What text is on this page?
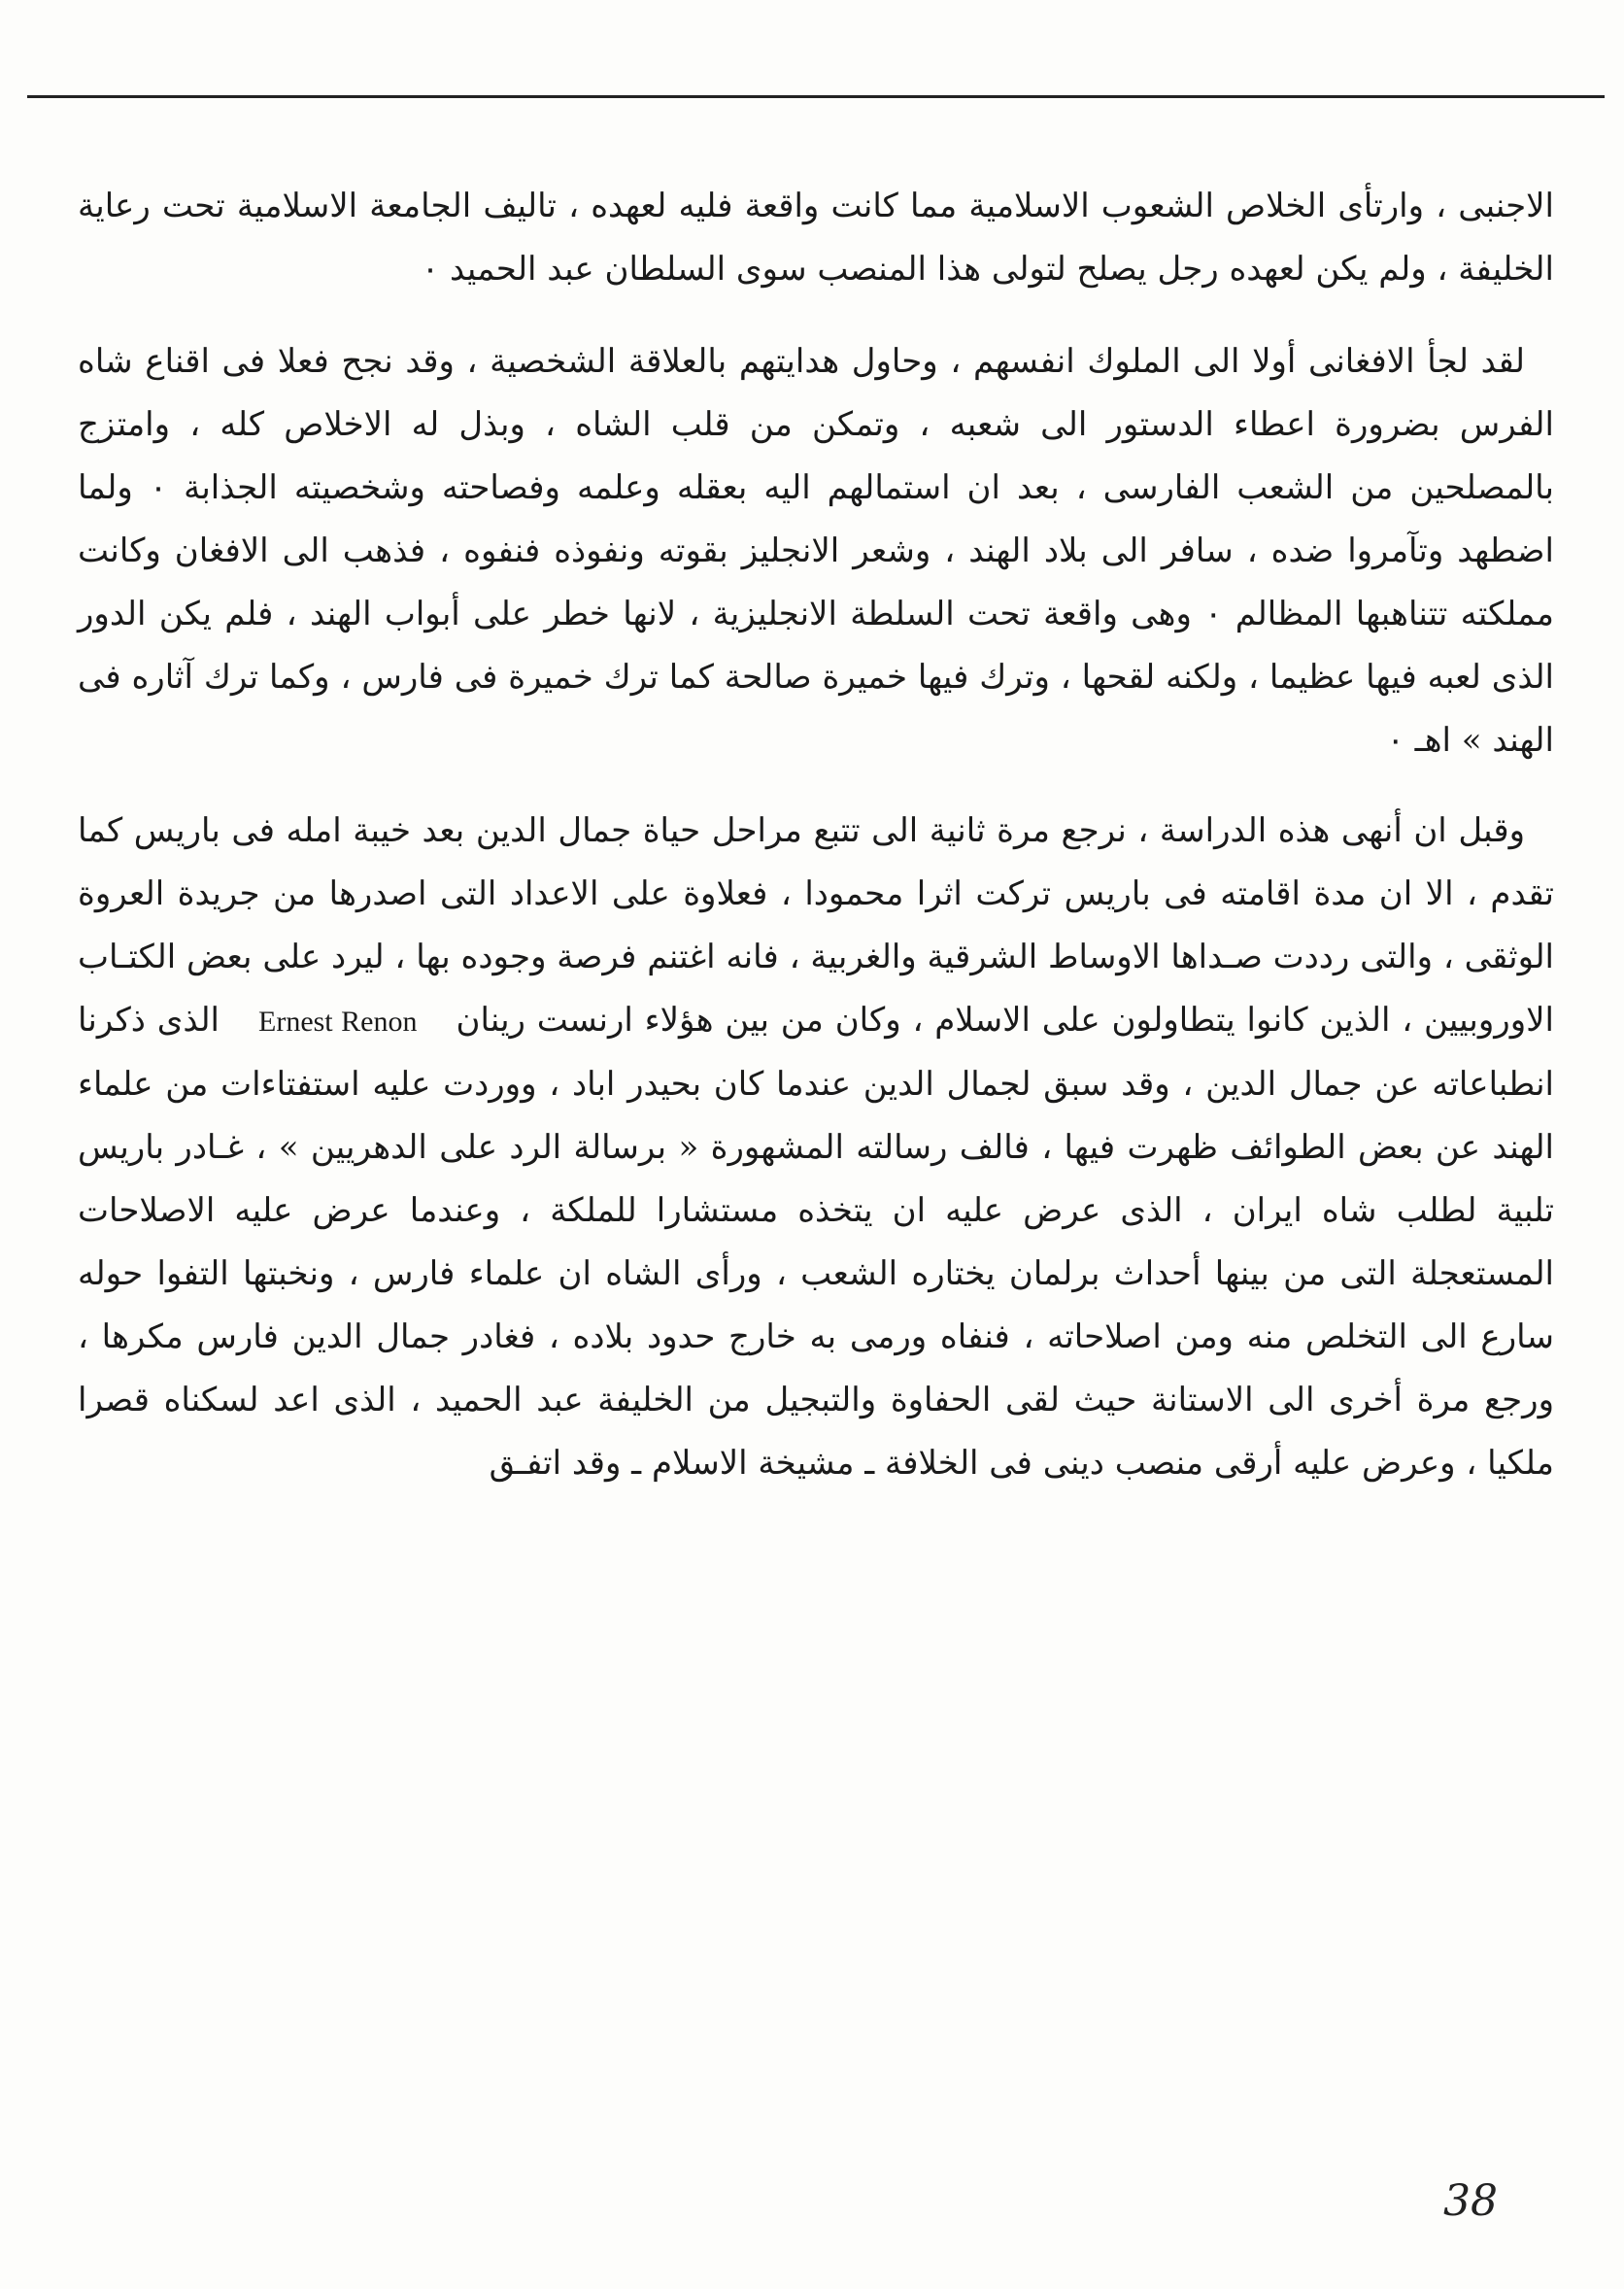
الاجنبى ، وارتأى الخلاص الشعوب الاسلامية مما كانت واقعة فليه لعهده ، تاليف الجامعة الاسلامية تحت رعاية الخليفة ، ولم يكن لعهده رجل يصلح لتولى هذا المنصب سوى السلطان عبد الحميد ٠

لقد لجأ الافغانى أولا الى الملوك انفسهم ، وحاول هدايتهم بالعلاقة الشخصية ، وقد نجح فعلا فى اقناع شاه الفرس بضرورة اعطاء الدستور الى شعبه ، وتمكن من قلب الشاه ، وبذل له الاخلاص كله ، وامتزج بالمصلحين من الشعب الفارسى ، بعد ان استمالهم اليه بعقله وعلمه وفصاحته وشخصيته الجذابة ٠ ولما اضطهد وتآمروا ضده ، سافر الى بلاد الهند ، وشعر الانجليز بقوته ونفوذه فنفوه ، فذهب الى الافغان وكانت مملكته تتناهبها المظالم ٠ وهى واقعة تحت السلطة الانجليزية ، لانها خطر على أبواب الهند ، فلم يكن الدور الذى لعبه فيها عظيما ، ولكنه لقحها ، وترك فيها خميرة صالحة كما ترك خميرة فى فارس ، وكما ترك آثاره فى الهند » اهـ ٠

وقبل ان أنهى هذه الدراسة ، نرجع مرة ثانية الى تتبع مراحل حياة جمال الدين بعد خيبة امله فى باريس كما تقدم ، الا ان مدة اقامته فى باريس تركت اثرا محمودا ، فعلاوة على الاعداد التى اصدرها من جريدة العروة الوثقى ، والتى رددت صـداها الاوساط الشرقية والغربية ، فانه اغتنم فرصة وجوده بها ، ليرد على بعض الكتـاب الاوروبيين ، الذين كانوا يتطاولون على الاسلام ، وكان من بين هؤلاء ارنست رينانErnest Renonالذى ذكرنا انطباعاته عن جمال الدين ، وقد سبق لجمال الدين عندما كان بحيدر اباد ، ووردت عليه استفتاءات من علماء الهند عن بعض الطوائف ظهرت فيها ، فالف رسالته المشهورة « برسالة الرد على الدهريين » ، غـادر باريس تلبية لطلب شاه ايران ، الذى عرض عليه ان يتخذه مستشارا للملكة ، وعندما عرض عليه الاصلاحات المستعجلة التى من بينها أحداث برلمان يختاره الشعب ، ورأى الشاه ان علماء فارس ، ونخبتها التفوا حوله سارع الى التخلص منه ومن اصلاحاته ، فنفاه ورمى به خارج حدود بلاده ، فغادر جمال الدين فارس مكرها ، ورجع مرة أخرى الى الاستانة حيث لقى الحفاوة والتبجيل من الخليفة عبد الحميد ، الذى اعد لسكناه قصرا ملكيا ، وعرض عليه أرقى منصب دينى فى الخلافة ـ مشيخة الاسلام ـ وقد اتفـق

38
